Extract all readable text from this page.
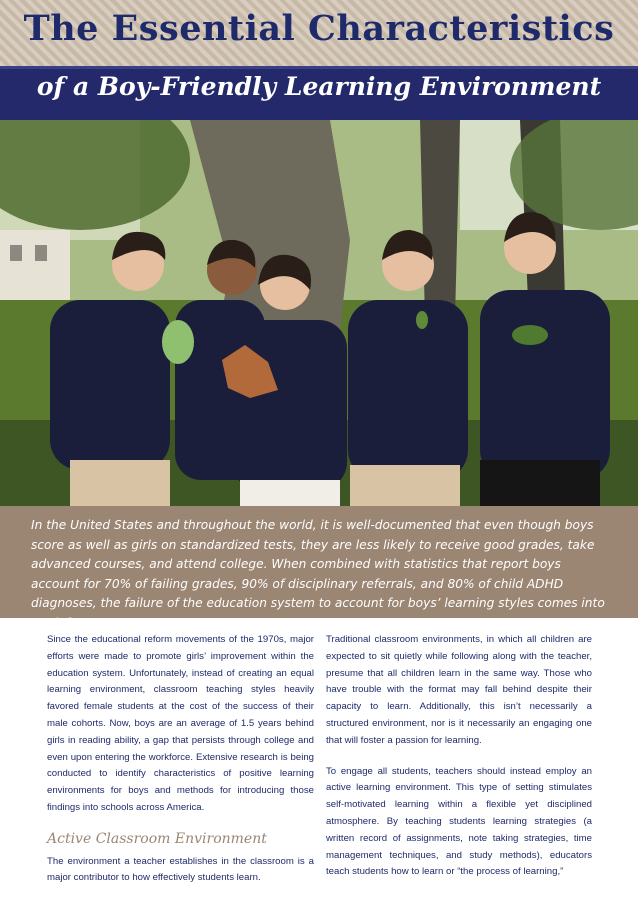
The Essential Characteristics
of a Boy-Friendly Learning Environment
In the United States and throughout the world, it is well-documented that even though boys score as well as girls on standardized tests, they are less likely to receive good grades, take advanced courses, and attend college. When combined with statistics that report boys account for 70% of failing grades, 90% of disciplinary referrals, and 80% of child ADHD diagnoses, the failure of the education system to account for boys’ learning styles comes into stark focus.

Since the educational reform movements of the 1970s, major efforts were made to promote girls’ improvement within the education system. Unfortunately, instead of creating an equal learning environment, classroom teaching styles heavily favored female students at the cost of the success of their male cohorts. Now, boys are an average of 1.5 years behind girls in reading ability, a gap that persists through college and even upon entering the workforce. Extensive research is being conducted to identify characteristics of positive learning environments for boys and methods for introducing those findings into schools across America.

Active Classroom Environment

The environment a teacher establishes in the classroom is a major contributor to how effectively students learn.

Traditional classroom environments, in which all children are expected to sit quietly while following along with the teacher, presume that all children learn in the same way. Those who have trouble with the format may fall behind despite their capacity to learn. Additionally, this isn’t necessarily a structured environment, nor is it necessarily an engaging one that will foster a passion for learning.

To engage all students, teachers should instead employ an active learning environment. This type of setting stimulates self-motivated learning within a flexible yet disciplined atmosphere. By teaching students learning strategies (a written record of assignments, note taking strategies, time management techniques, and study methods), educators teach students how to learn or “the process of learning,”
